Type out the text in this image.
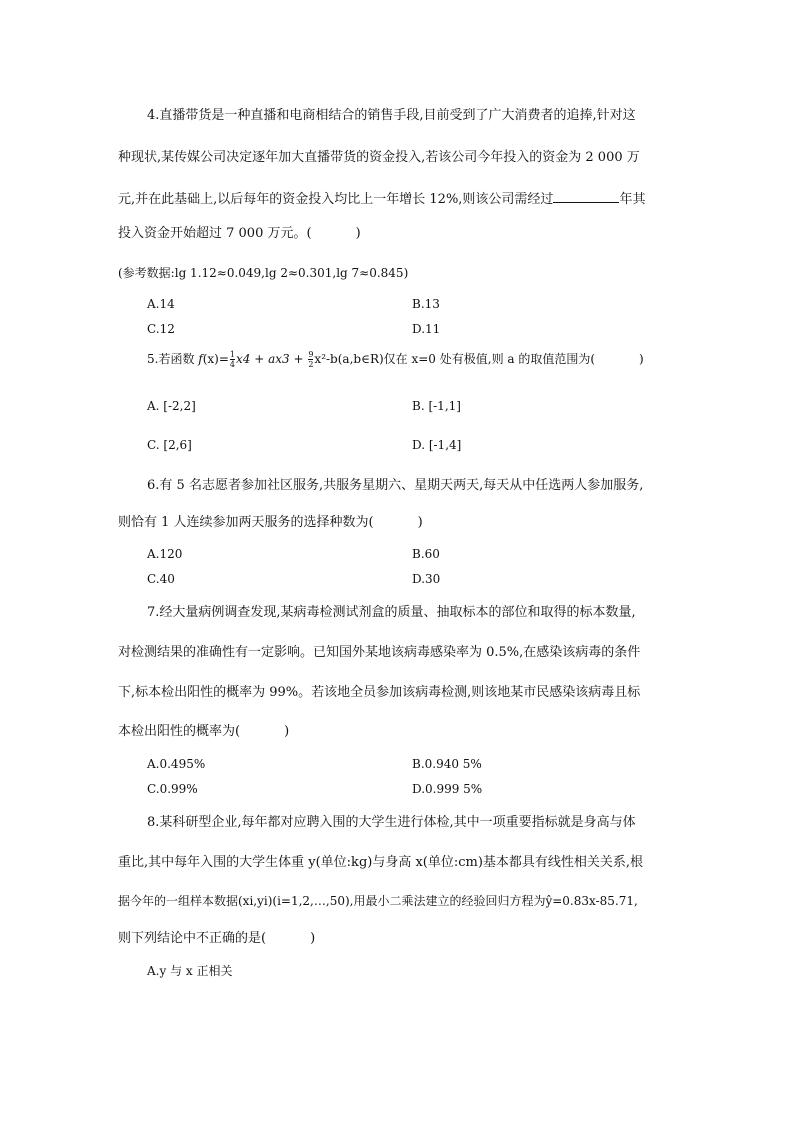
4.直播带货是一种直播和电商相结合的销售手段,目前受到了广大消费者的追捧,针对这
种现状,某传媒公司决定逐年加大直播带货的资金投入,若该公司今年投入的资金为 2 000 万
元,并在此基础上,以后每年的资金投入均比上一年增长 12%,则该公司需经过	年其
投入资金开始超过 7 000 万元。(	)
(参考数据:lg 1.12≈0.049,lg 2≈0.301,lg 7≈0.845)
A.14	B.13
C.12	D.11
5.若函数 $f(x)= \frac{1}{4} x4 + ax3 + \frac{9}{2}$ x²-b(a,b∈R)仅在 x=0 处有极值,则 a 的取值范围为(	)
A. [-2,2]	B. [-1,1]
C. [2,6]	D. [-1,4]
6.有 5 名志愿者参加社区服务,共服务星期六、星期天两天,每天从中任选两人参加服务,
则恰有 1 人连续参加两天服务的选择种数为(	)
A.120	B.60
C.40	D.30
7.经大量病例调查发现,某病毒检测试剂盒的质量、抽取标本的部位和取得的标本数量,
对检测结果的准确性有一定影响。已知国外某地该病毒感染率为 0.5%,在感染该病毒的条件
下,标本检出阳性的概率为 99%。若该地全员参加该病毒检测,则该地某市民感染该病毒且标
本检出阳性的概率为(	)
A.0.495%	B.0.940 5%
C.0.99%	D.0.999 5%
8.某科研型企业,每年都对应聘入围的大学生进行体检,其中一项重要指标就是身高与体
重比,其中每年入围的大学生体重 y(单位:kg)与身高 x(单位:cm)基本都具有线性相关关系,根
据今年的一组样本数据(xi,yi)(i=1,2,…,50),用最小二乘法建立的经验回归方程为ŷ=0.83x-85.71,
则下列结论中不正确的是(	)
A.y 与 x 正相关
